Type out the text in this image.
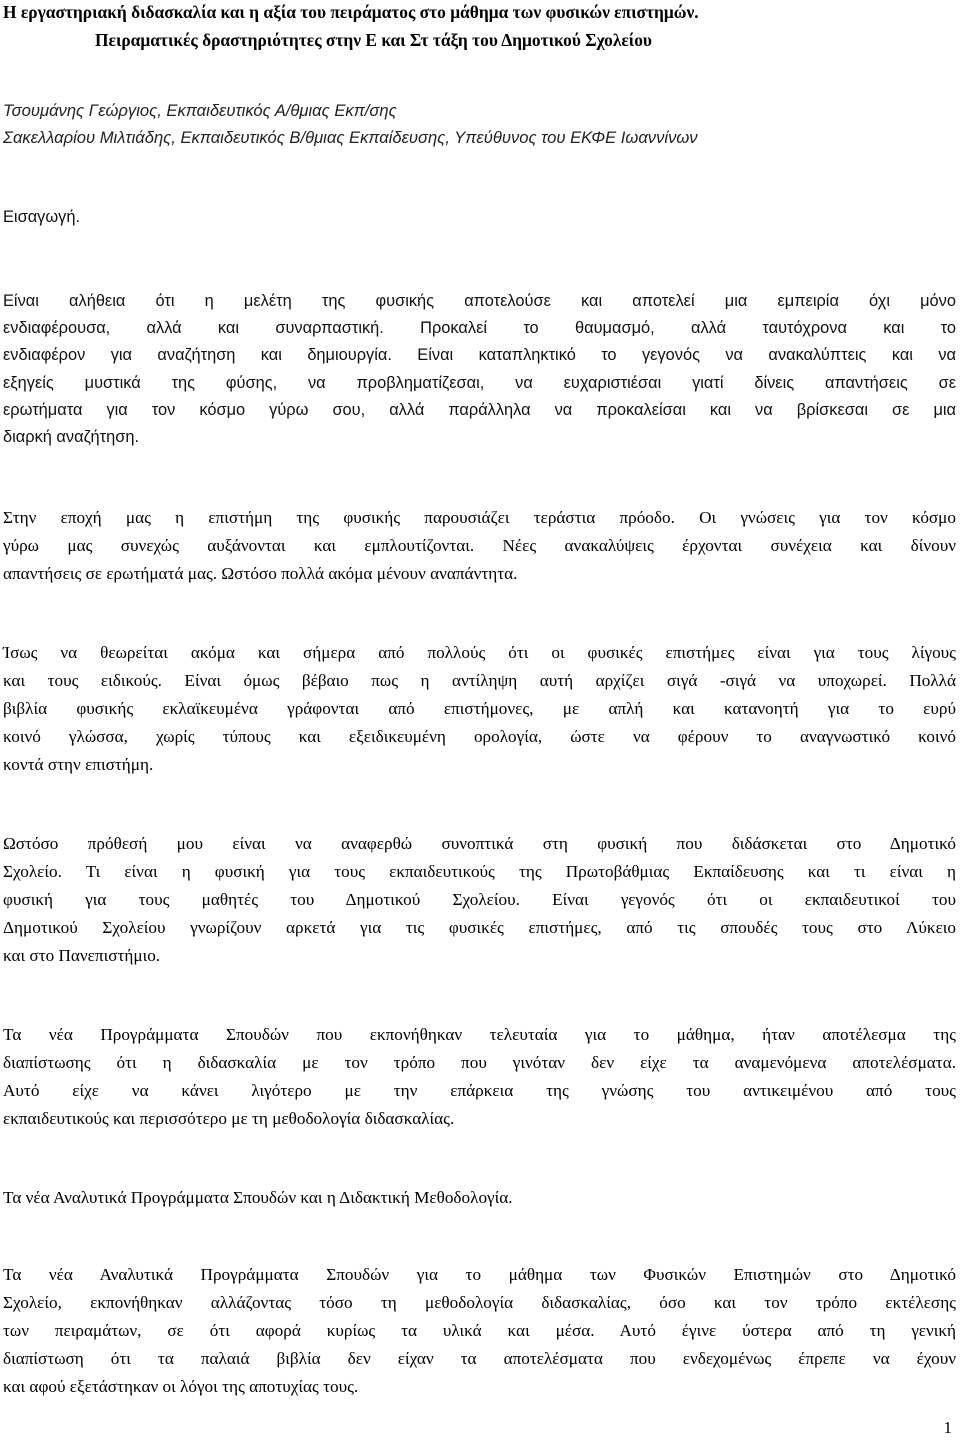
Η εργαστηριακή διδασκαλία και η αξία του πειράματος στο μάθημα των φυσικών επιστημών.
Πειραματικές δραστηριότητες στην Ε και Στ τάξη του Δημοτικού Σχολείου
Τσουμάνης Γεώργιος, Εκπαιδευτικός Α/θμιας Εκπ/σης
Σακελλαρίου Μιλτιάδης, Εκπαιδευτικός Β/θμιας Εκπαίδευσης, Υπεύθυνος του ΕΚΦΕ Ιωαννίνων
Εισαγωγή.
Είναι αλήθεια ότι η μελέτη της φυσικής αποτελούσε και αποτελεί μια εμπειρία όχι μόνο
ενδιαφέρουσα, αλλά και συναρπαστική. Προκαλεί το θαυμασμό, αλλά ταυτόχρονα και το
ενδιαφέρον για αναζήτηση και δημιουργία. Είναι καταπληκτικό το γεγονός να ανακαλύπτεις και να
εξηγείς μυστικά της φύσης, να προβληματίζεσαι, να ευχαριστιέσαι γιατί δίνεις απαντήσεις σε
ερωτήματα για τον κόσμο γύρω σου, αλλά παράλληλα να προκαλείσαι και να βρίσκεσαι σε μια
διαρκή αναζήτηση.
Στην εποχή μας η επιστήμη της φυσικής παρουσιάζει τεράστια πρόοδο. Οι γνώσεις για τον κόσμο
γύρω μας συνεχώς αυξάνονται και εμπλουτίζονται. Νέες ανακαλύψεις έρχονται συνέχεια και δίνουν
απαντήσεις σε ερωτήματά μας. Ωστόσο πολλά ακόμα μένουν αναπάντητα.
Ίσως να θεωρείται ακόμα και σήμερα από πολλούς ότι οι φυσικές επιστήμες είναι για τους λίγους
και τους ειδικούς. Είναι όμως βέβαιο πως η αντίληψη αυτή αρχίζει σιγά -σιγά να υποχωρεί. Πολλά
βιβλία φυσικής εκλαϊκευμένα γράφονται από επιστήμονες, με απλή και κατανοητή για το ευρύ
κοινό γλώσσα, χωρίς τύπους και εξειδικευμένη ορολογία, ώστε να φέρουν το αναγνωστικό κοινό
κοντά στην επιστήμη.
Ωστόσο πρόθεσή μου είναι να αναφερθώ συνοπτικά στη φυσική που διδάσκεται στο Δημοτικό
Σχολείο. Τι είναι η φυσική για τους εκπαιδευτικούς της Πρωτοβάθμιας Εκπαίδευσης και τι είναι η
φυσική για τους μαθητές του Δημοτικού Σχολείου. Είναι γεγονός ότι οι εκπαιδευτικοί του
Δημοτικού Σχολείου γνωρίζουν αρκετά για τις φυσικές επιστήμες, από τις σπουδές τους στο Λύκειο
και στο Πανεπιστήμιο.
Τα νέα Προγράμματα Σπουδών που εκπονήθηκαν τελευταία για το μάθημα, ήταν αποτέλεσμα της
διαπίστωσης ότι η διδασκαλία με τον τρόπο που γινόταν δεν είχε τα αναμενόμενα αποτελέσματα.
Αυτό είχε να κάνει λιγότερο με την επάρκεια της γνώσης του αντικειμένου από τους
εκπαιδευτικούς και περισσότερο με τη μεθοδολογία διδασκαλίας.
Τα νέα Αναλυτικά Προγράμματα Σπουδών και η Διδακτική Μεθοδολογία.
Τα νέα Αναλυτικά Προγράμματα Σπουδών για το μάθημα των Φυσικών Επιστημών στο Δημοτικό
Σχολείο, εκπονήθηκαν αλλάζοντας τόσο τη μεθοδολογία διδασκαλίας, όσο και τον τρόπο εκτέλεσης
των πειραμάτων, σε ότι αφορά κυρίως τα υλικά και μέσα. Αυτό έγινε ύστερα από τη γενική
διαπίστωση ότι τα παλαιά βιβλία δεν είχαν τα αποτελέσματα που ενδεχομένως έπρεπε να έχουν
και αφού εξετάστηκαν οι λόγοι της αποτυχίας τους.
1
